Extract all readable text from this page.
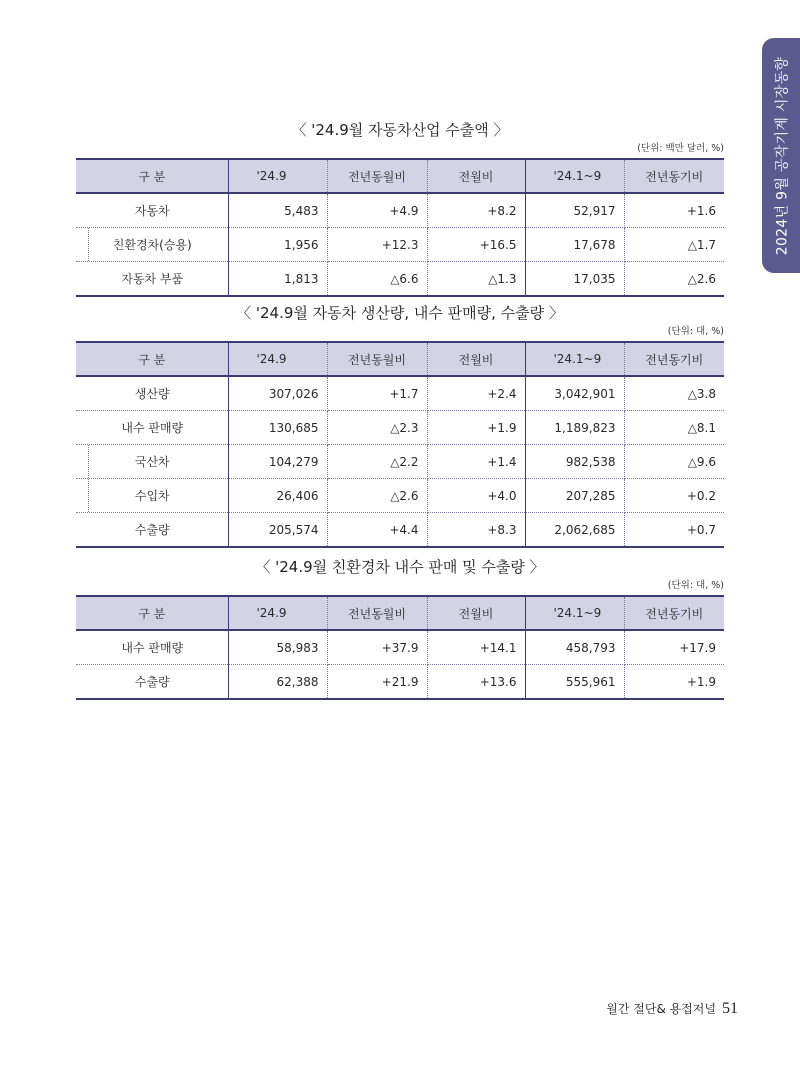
2024년 9월 공작기계 시장동향
〈 '24.9월 자동차산업 수출액 〉
(단위: 백만 달러, %)
구 분	'24.9	전년동월비	전월비	'24.1~9	전년동기비
자동차	5,483	+4.9	+8.2	52,917	+1.6
친환경차(승용)	1,956	+12.3	+16.5	17,678	△1.7
자동차 부품	1,813	△6.6	△1.3	17,035	△2.6
〈 '24.9월 자동차 생산량, 내수 판매량, 수출량 〉
(단위: 대, %)
구 분	'24.9	전년동월비	전월비	'24.1~9	전년동기비
생산량	307,026	+1.7	+2.4	3,042,901	△3.8
내수 판매량	130,685	△2.3	+1.9	1,189,823	△8.1
국산차	104,279	△2.2	+1.4	982,538	△9.6
수입차	26,406	△2.6	+4.0	207,285	+0.2
수출량	205,574	+4.4	+8.3	2,062,685	+0.7
〈 '24.9월 친환경차 내수 판매 및 수출량 〉
(단위: 대, %)
구 분	'24.9	전년동월비	전월비	'24.1~9	전년동기비
내수 판매량	58,983	+37.9	+14.1	458,793	+17.9
수출량	62,388	+21.9	+13.6	555,961	+1.9
월간 절단& 용접저널 51
